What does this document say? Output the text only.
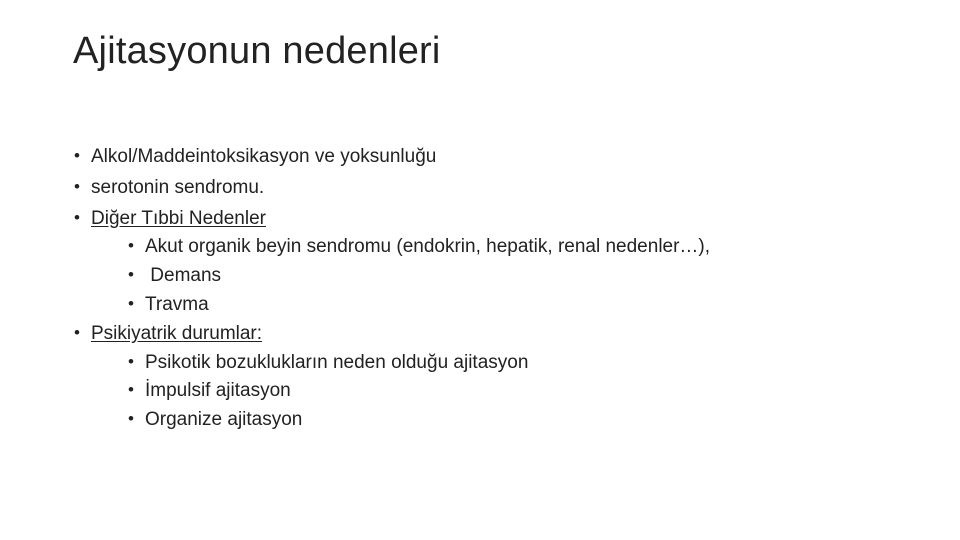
Ajitasyonun nedenleri
• Alkol/Maddeintoksikasyon ve yoksunluğu
• serotonin sendromu.
• Diğer Tıbbi Nedenler
• Akut organik beyin sendromu (endokrin, hepatik, renal nedenler…),
• Demans
• Travma
• Psikiyatrik durumlar:
• Psikotik bozuklukların neden olduğu ajitasyon
• İmpulsif ajitasyon
• Organize ajitasyon
